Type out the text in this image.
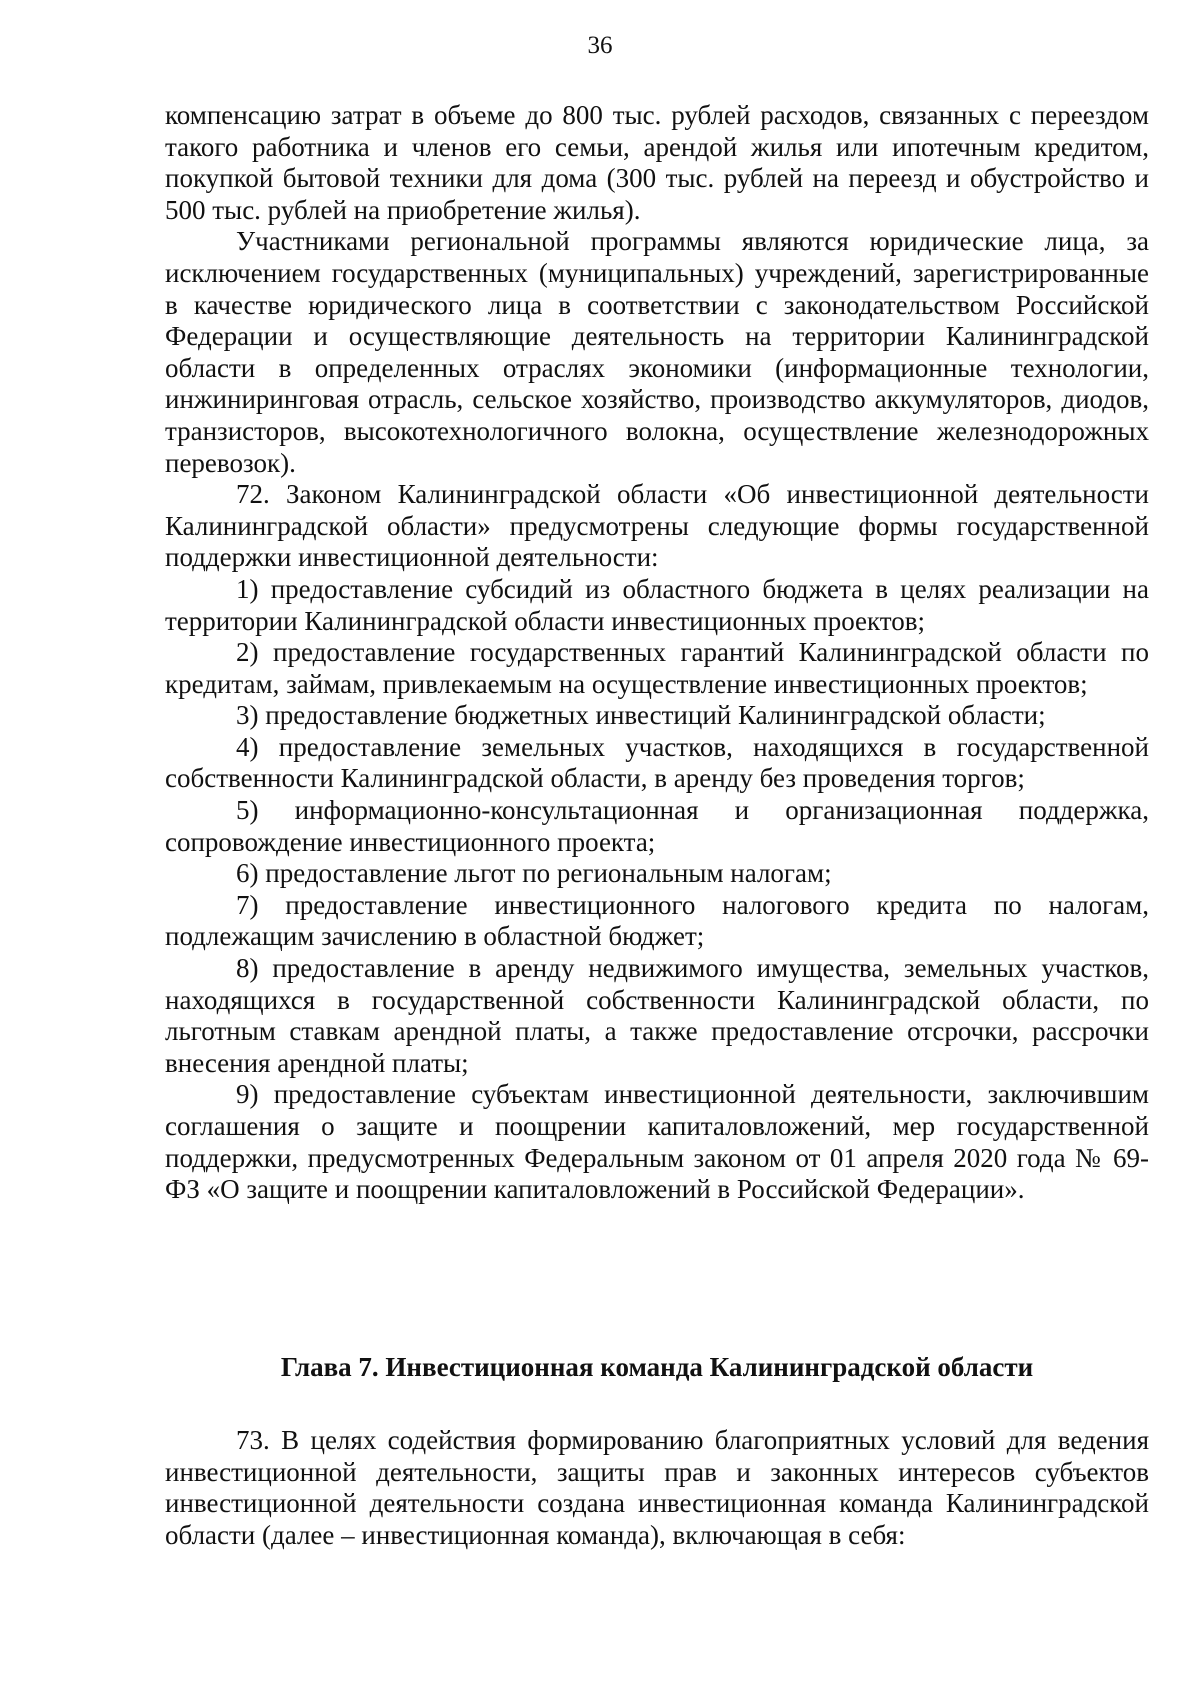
36

компенсацию затрат в объеме до 800 тыс. рублей расходов, связанных с переездом такого работника и членов его семьи, арендой жилья или ипотечным кредитом, покупкой бытовой техники для дома (300 тыс. рублей на переезд и обустройство и 500 тыс. рублей на приобретение жилья).

Участниками региональной программы являются юридические лица, за исключением государственных (муниципальных) учреждений, зарегистрированные в качестве юридического лица в соответствии с законодательством Российской Федерации и осуществляющие деятельность на территории Калининградской области в определенных отраслях экономики (информационные технологии, инжиниринговая отрасль, сельское хозяйство, производство аккумуляторов, диодов, транзисторов, высокотехнологичного волокна, осуществление железнодорожных перевозок).

72. Законом Калининградской области «Об инвестиционной деятельности Калининградской области» предусмотрены следующие формы государственной поддержки инвестиционной деятельности:

1) предоставление субсидий из областного бюджета в целях реализации на территории Калининградской области инвестиционных проектов;

2) предоставление государственных гарантий Калининградской области по кредитам, займам, привлекаемым на осуществление инвестиционных проектов;

3) предоставление бюджетных инвестиций Калининградской области;

4) предоставление земельных участков, находящихся в государственной собственности Калининградской области, в аренду без проведения торгов;

5) информационно-консультационная и организационная поддержка, сопровождение инвестиционного проекта;

6) предоставление льгот по региональным налогам;

7) предоставление инвестиционного налогового кредита по налогам, подлежащим зачислению в областной бюджет;

8) предоставление в аренду недвижимого имущества, земельных участков, находящихся в государственной собственности Калининградской области, по льготным ставкам арендной платы, а также предоставление отсрочки, рассрочки внесения арендной платы;

9) предоставление субъектам инвестиционной деятельности, заключившим соглашения о защите и поощрении капиталовложений, мер государственной поддержки, предусмотренных Федеральным законом от 01 апреля 2020 года № 69-ФЗ «О защите и поощрении капиталовложений в Российской Федерации».

Глава 7. Инвестиционная команда Калининградской области

73. В целях содействия формированию благоприятных условий для ведения инвестиционной деятельности, защиты прав и законных интересов субъектов инвестиционной деятельности создана инвестиционная команда Калининградской области (далее – инвестиционная команда), включающая в себя:
